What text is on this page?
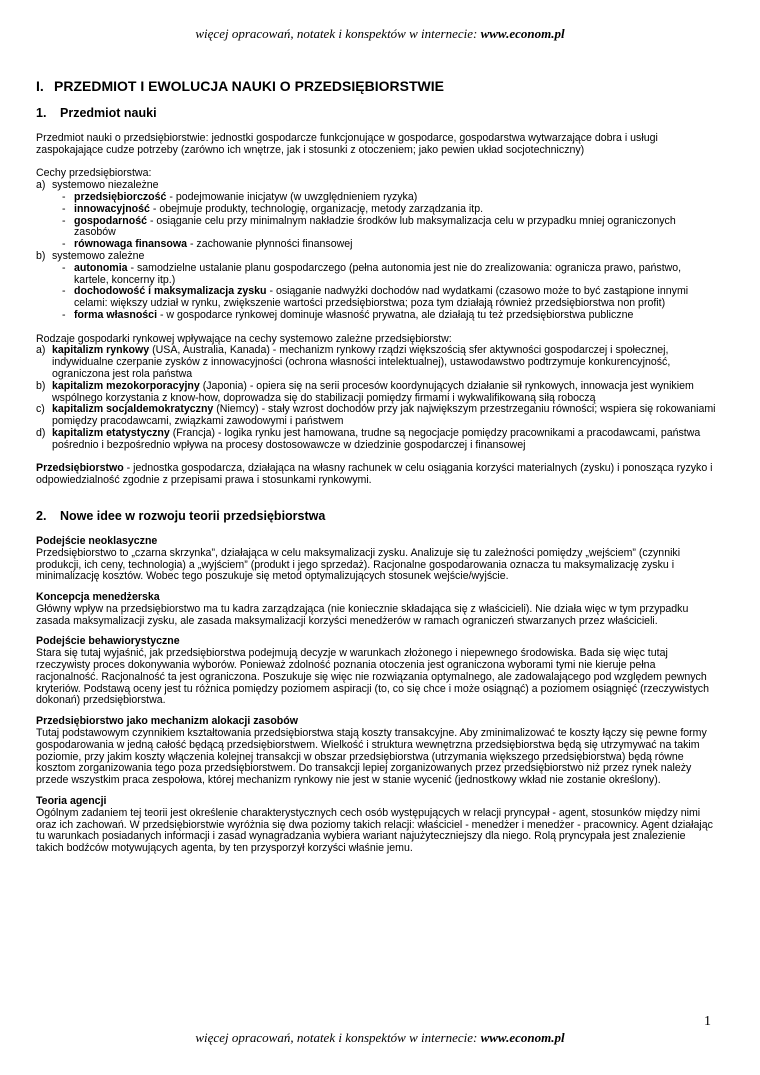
więcej opracowań, notatek i konspektów w internecie: www.econom.pl
I. PRZEDMIOT I EWOLUCJA NAUKI O PRZEDSIĘBIORSTWIE
1. Przedmiot nauki

Przedmiot nauki o przedsiębiorstwie: jednostki gospodarcze funkcjonujące w gospodarce, gospodarstwa wytwarzające dobra i usługi zaspokajające cudze potrzeby (zarówno ich wnętrze, jak i stosunki z otoczeniem; jako pewien układ socjotechniczny)

Cechy przedsiębiorstwa:

a) systemowo niezależne
- przedsiębiorczość - podejmowanie inicjatyw (w uwzględnieniem ryzyka)
- innowacyjność - obejmuje produkty, technologię, organizację, metody zarządzania itp.
- gospodarność - osiąganie celu przy minimalnym nakładzie środków lub maksymalizacja celu w przypadku mniej ograniczonych zasobów
- równowaga finansowa - zachowanie płynności finansowej
b) systemowo zależne
- autonomia - samodzielne ustalanie planu gospodarczego (pełna autonomia jest nie do zrealizowania: ogranicza prawo, państwo, kartele, koncerny itp.)
- dochodowość i maksymalizacja zysku - osiąganie nadwyżki dochodów nad wydatkami (czasowo może to być zastąpione innymi celami: większy udział w rynku, zwiększenie wartości przedsiębiorstwa; poza tym działają również przedsiębiorstwa non profit)
- forma własności - w gospodarce rynkowej dominuje własność prywatna, ale działają tu też przedsiębiorstwa publiczne

Rodzaje gospodarki rynkowej wpływające na cechy systemowo zależne przedsiębiorstw:

a) kapitalizm rynkowy (USA, Australia, Kanada) - mechanizm rynkowy rządzi większością sfer aktywności gospodarczej i społecznej, indywidualne czerpanie zysków z innowacyjności (ochrona własności intelektualnej), ustawodawstwo podtrzymuje konkurencyjność, ograniczona jest rola państwa
b) kapitalizm mezokorporacyjny (Japonia) - opiera się na serii procesów koordynujących działanie sił rynkowych, innowacja jest wynikiem wspólnego korzystania z know-how, doprowadza się do stabilizacji pomiędzy firmami i wykwalifikowaną siłą roboczą
c) kapitalizm socjaldemokratyczny (Niemcy) - stały wzrost dochodów przy jak największym przestrzeganiu równości; wspiera się rokowaniami pomiędzy pracodawcami, związkami zawodowymi i państwem
d) kapitalizm etatystyczny (Francja) - logika rynku jest hamowana, trudne są negocjacje pomiędzy pracownikami a pracodawcami, państwa pośrednio i bezpośrednio wpływa na procesy dostosowawcze w dziedzinie gospodarczej i finansowej

Przedsiębiorstwo - jednostka gospodarcza, działająca na własny rachunek w celu osiągania korzyści materialnych (zysku) i ponosząca ryzyko i odpowiedzialność zgodnie z przepisami prawa i stosunkami rynkowymi.

2. Nowe idee w rozwoju teorii przedsiębiorstwa

Podejście neoklasyczne

Przedsiębiorstwo to „czarna skrzynka”, działająca w celu maksymalizacji zysku. Analizuje się tu zależności pomiędzy „wejściem” (czynniki produkcji, ich ceny, technologia) a „wyjściem” (produkt i jego sprzedaż). Racjonalne gospodarowania oznacza tu maksymalizację zysku i minimalizację kosztów. Wobec tego poszukuje się metod optymalizujących stosunek wejście/wyjście.

Koncepcja menedżerska

Główny wpływ na przedsiębiorstwo ma tu kadra zarządzająca (nie koniecznie składająca się z właścicieli). Nie działa więc w tym przypadku zasada maksymalizacji zysku, ale zasada maksymalizacji korzyści menedżerów w ramach ograniczeń stwarzanych przez właścicieli.

Podejście behawiorystyczne

Stara się tutaj wyjaśnić, jak przedsiębiorstwa podejmują decyzje w warunkach złożonego i niepewnego środowiska. Bada się więc tutaj rzeczywisty proces dokonywania wyborów. Ponieważ zdolność poznania otoczenia jest ograniczona wyborami tymi nie kieruje pełna racjonalność. Racjonalność ta jest ograniczona. Poszukuje się więc nie rozwiązania optymalnego, ale zadowalającego pod względem pewnych kryteriów. Podstawą oceny jest tu różnica pomiędzy poziomem aspiracji (to, co się chce i może osiągnąć) a poziomem osiągnięć (rzeczywistych dokonań) przedsiębiorstwa.

Przedsiębiorstwo jako mechanizm alokacji zasobów

Tutaj podstawowym czynnikiem kształtowania przedsiębiorstwa stają koszty transakcyjne. Aby zminimalizować te koszty łączy się pewne formy gospodarowania w jedną całość będącą przedsiębiorstwem. Wielkość i struktura wewnętrzna przedsiębiorstwa będą się utrzymywać na takim poziomie, przy jakim koszty włączenia kolejnej transakcji w obszar przedsiębiorstwa (utrzymania większego przedsiębiorstwa) będą równe kosztom zorganizowania tego poza przedsiębiorstwem. Do transakcji lepiej zorganizowanych przez przedsiębiorstwo niż przez rynek należy przede wszystkim praca zespołowa, której mechanizm rynkowy nie jest w stanie wycenić (jednostkowy wkład nie zostanie określony).

Teoria agencji

Ogólnym zadaniem tej teorii jest określenie charakterystycznych cech osób występujących w relacji pryncypał - agent, stosunków między nimi oraz ich zachowań. W przedsiębiorstwie wyróżnia się dwa poziomy takich relacji: właściciel - menedżer i menedżer - pracownicy. Agent działając tu warunkach posiadanych informacji i zasad wynagradzania wybiera wariant najużyteczniejszy dla niego. Rolą pryncypała jest znalezienie takich bodźców motywujących agenta, by ten przysporzył korzyści właśnie jemu.

1
więcej opracowań, notatek i konspektów w internecie: www.econom.pl
